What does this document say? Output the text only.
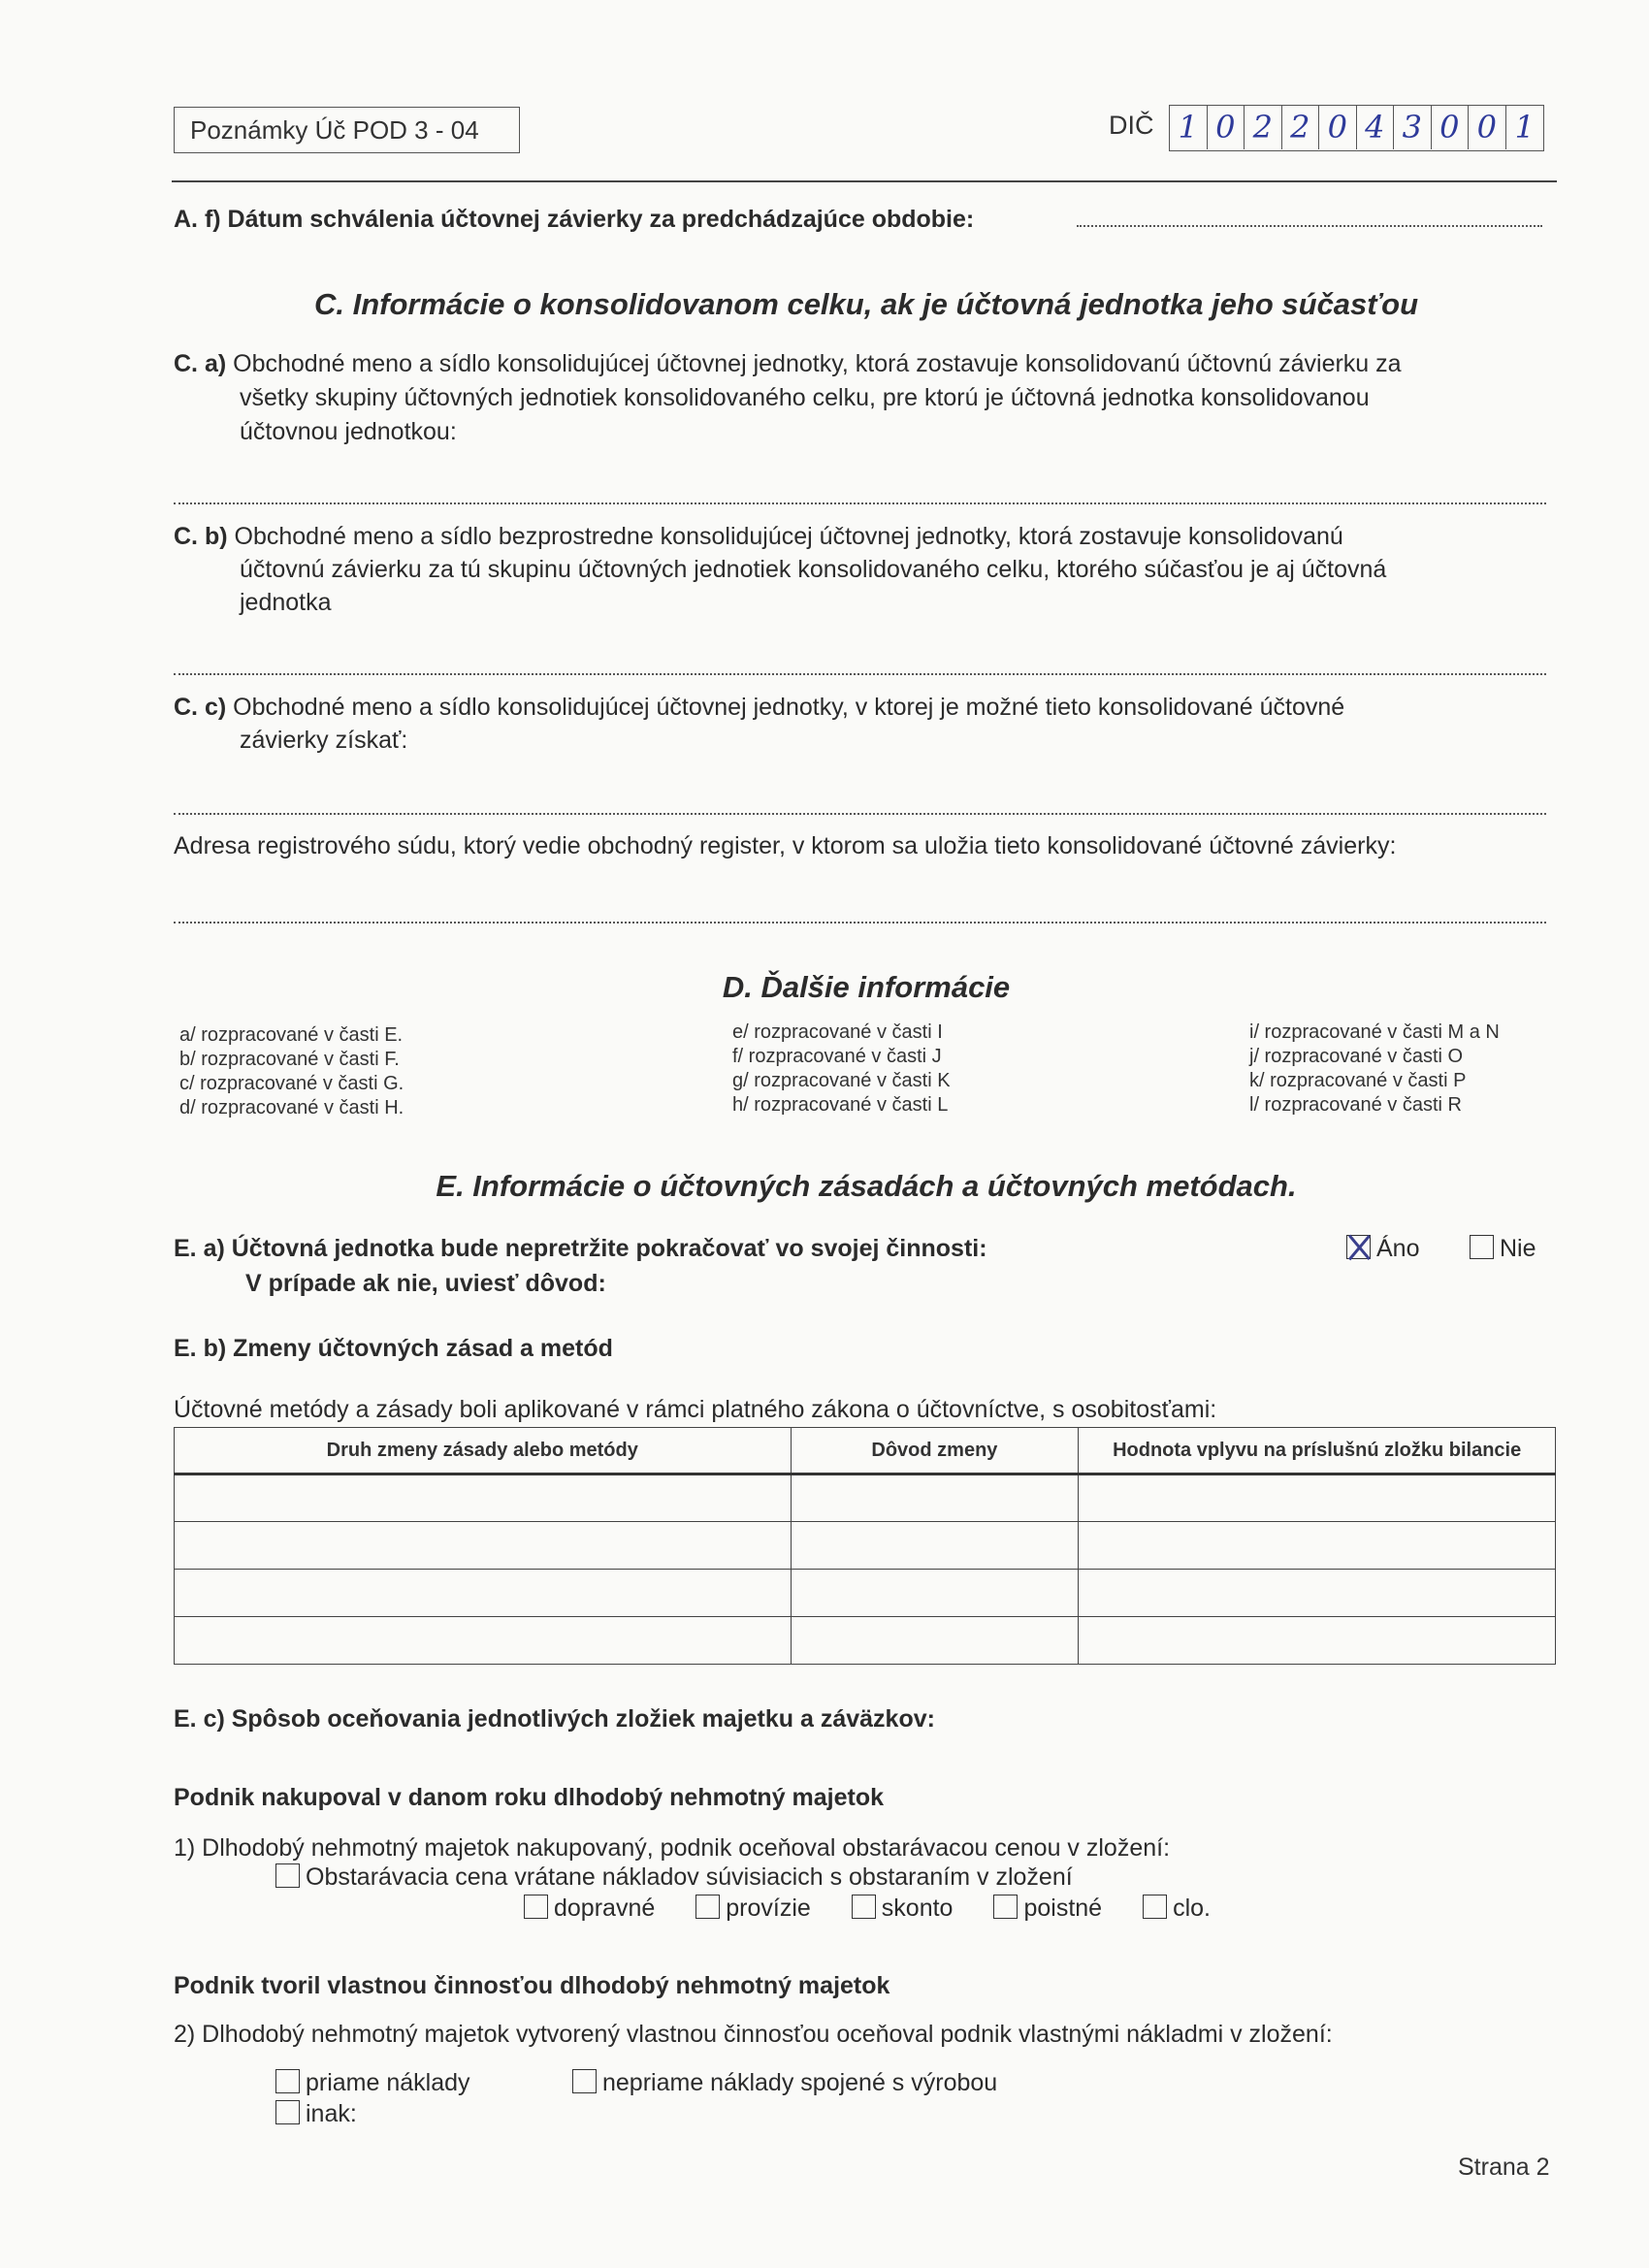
Poznámky Úč POD 3 - 04	DIČ 1 0 2 2 0 4 3 0 0 1
A. f) Dátum schválenia účtovnej závierky za predchádzajúce obdobie:
C. Informácie o konsolidovanom celku, ak je účtovná jednotka jeho súčasťou
C. a) Obchodné meno a sídlo konsolidujúcej účtovnej jednotky, ktorá zostavuje konsolidovanú účtovnú závierku za
všetky skupiny účtovných jednotiek konsolidovaného celku, pre ktorú je účtovná jednotka konsolidovanou
účtovnou jednotkou:
C. b) Obchodné meno a sídlo bezprostredne konsolidujúcej účtovnej jednotky, ktorá zostavuje konsolidovanú
účtovnú závierku za tú skupinu účtovných jednotiek konsolidovaného celku, ktorého súčasťou je aj účtovná
jednotka
C. c) Obchodné meno a sídlo konsolidujúcej účtovnej jednotky, v ktorej je možné tieto konsolidované účtovné
závierky získať:
Adresa registrového súdu, ktorý vedie obchodný register, v ktorom sa uložia tieto konsolidované účtovné závierky:
D. Ďalšie informácie
a/ rozpracované v časti E.
b/ rozpracované v časti F.
c/ rozpracované v časti G.
d/ rozpracované v časti H.
e/ rozpracované v časti I
f/ rozpracované v časti J
g/ rozpracované v časti K
h/ rozpracované v časti L
i/ rozpracované v časti M a N
j/ rozpracované v časti O
k/ rozpracované v časti P
l/ rozpracované v časti R
E. Informácie o účtovných zásadách a účtovných metódach.
E. a) Účtovná jednotka bude nepretržite pokračovať vo svojej činnosti:
V prípade ak nie, uviesť dôvod:
Áno	Nie
E. b) Zmeny účtovných zásad a metód
Účtovné metódy a zásady boli aplikované v rámci platného zákona o účtovníctve, s osobitosťami:
Druh zmeny zásady alebo metódy	Dôvod zmeny	Hodnota vplyvu na príslušnú zložku bilancie

E. c) Spôsob oceňovania jednotlivých zložiek majetku a záväzkov:
Podnik nakupoval v danom roku dlhodobý nehmotný majetok
1) Dlhodobý nehmotný majetok nakupovaný, podnik oceňoval obstarávacou cenou v zložení:
Obstarávacia cena vrátane nákladov súvisiacich s obstaraním v zložení
dopravné	provízie	skonto	poistné	clo.
Podnik tvoril vlastnou činnosťou dlhodobý nehmotný majetok
2) Dlhodobý nehmotný majetok vytvorený vlastnou činnosťou oceňoval podnik vlastnými nákladmi v zložení:
priame náklady	nepriame náklady spojené s výrobou
inak:
Strana 2
